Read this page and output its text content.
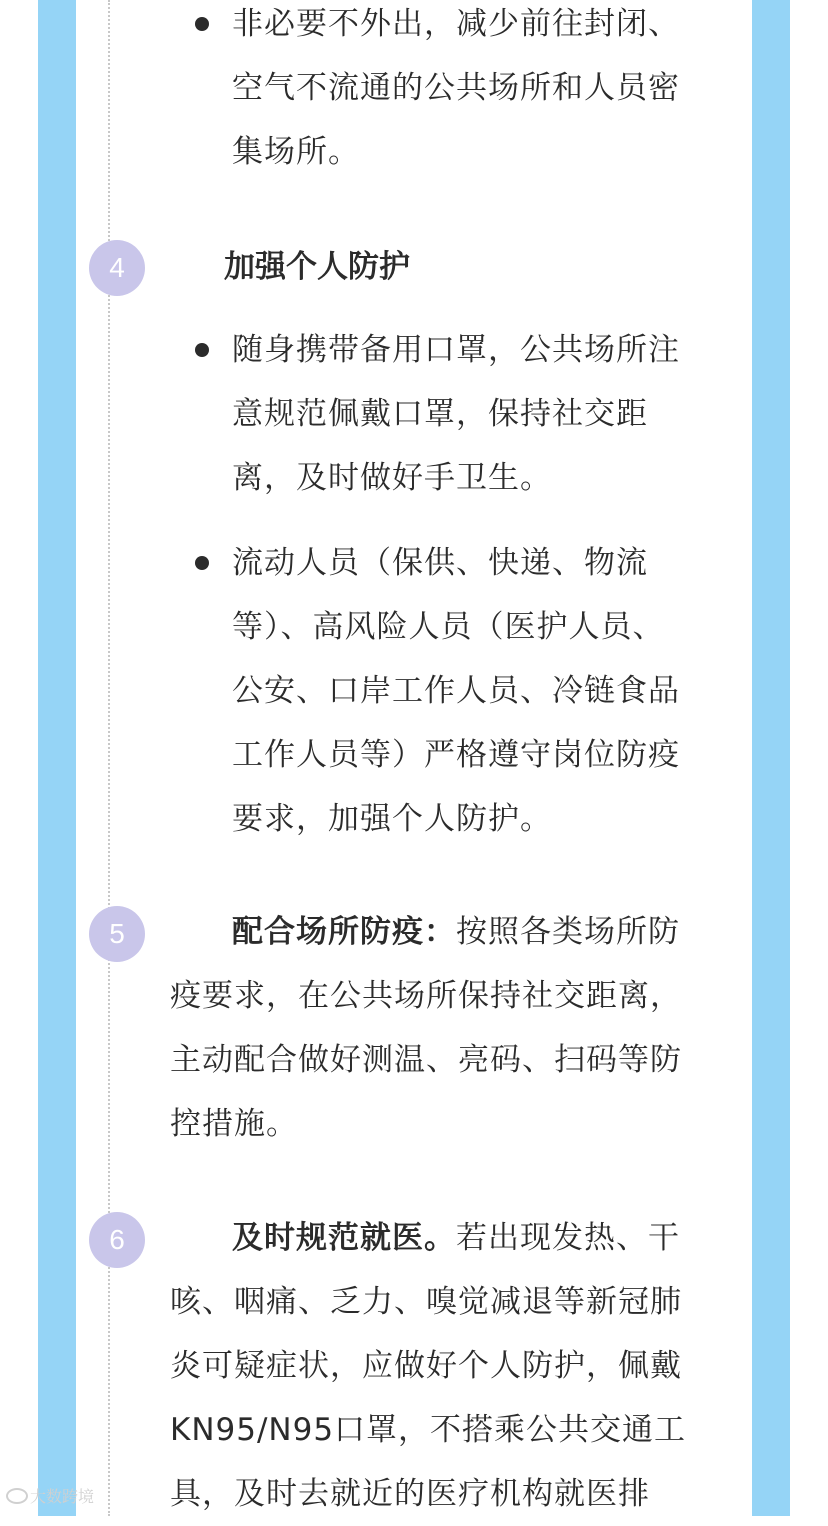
非必要不外出，减少前往封闭、
空气不流通的公共场所和人员密
集场所。
4	加强个人防护
随身携带备用口罩，公共场所注
意规范佩戴口罩，保持社交距
离，及时做好手卫生。
流动人员（保供、快递、物流
等）、高风险人员（医护人员、
公安、口岸工作人员、冷链食品
工作人员等）严格遵守岗位防疫
要求，加强个人防护。
5	配合场所防疫：按照各类场所防
疫要求，在公共场所保持社交距离，
主动配合做好测温、亮码、扫码等防
控措施。
6	及时规范就医。若出现发热、干
咳、咽痛、乏力、嗅觉减退等新冠肺
炎可疑症状，应做好个人防护，佩戴
KN95/N95口罩，不搭乘公共交通工
具，及时去就近的医疗机构就医排
大数跨境
